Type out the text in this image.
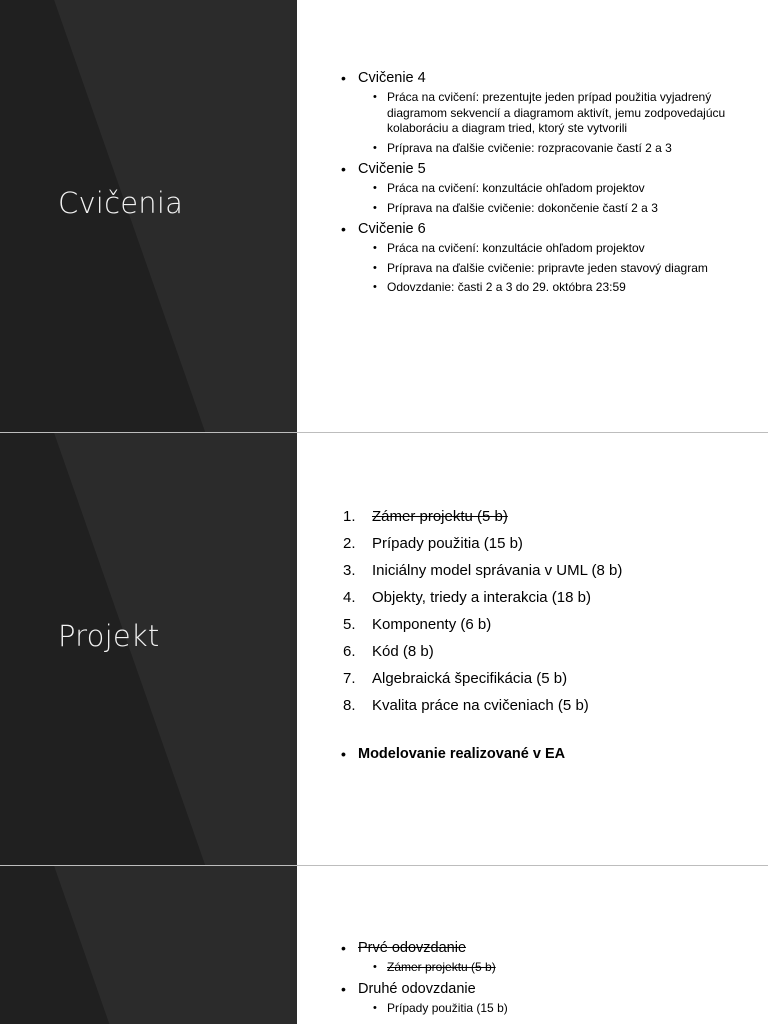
Cvičenia
• Cvičenie 4
• Práca na cvičení: prezentujte jeden prípad použitia vyjadrený diagramom sekvencií a diagramom aktivít, jemu zodpovedajúcu kolaboráciu a diagram tried, ktorý ste vytvorili
• Príprava na ďalšie cvičenie: rozpracovanie častí 2 a 3
• Cvičenie 5
• Práca na cvičení: konzultácie ohľadom projektov
• Príprava na ďalšie cvičenie: dokončenie častí 2 a 3
• Cvičenie 6
• Práca na cvičení: konzultácie ohľadom projektov
• Príprava na ďalšie cvičenie: pripravte jeden stavový diagram
• Odovzdanie: časti 2 a 3 do 29. októbra 23:59
Projekt
1. Zámer projektu (5 b)
2. Prípady použitia (15 b)
3. Iniciálny model správania v UML (8 b)
4. Objekty, triedy a interakcia (18 b)
5. Komponenty (6 b)
6. Kód (8 b)
7. Algebraická špecifikácia (5 b)
8. Kvalita práce na cvičeniach (5 b)
• Modelovanie realizované v EA
• Prvé odovzdanie
• Zámer projektu (5 b)
• Druhé odovzdanie
• Prípady použitia (15 b)
